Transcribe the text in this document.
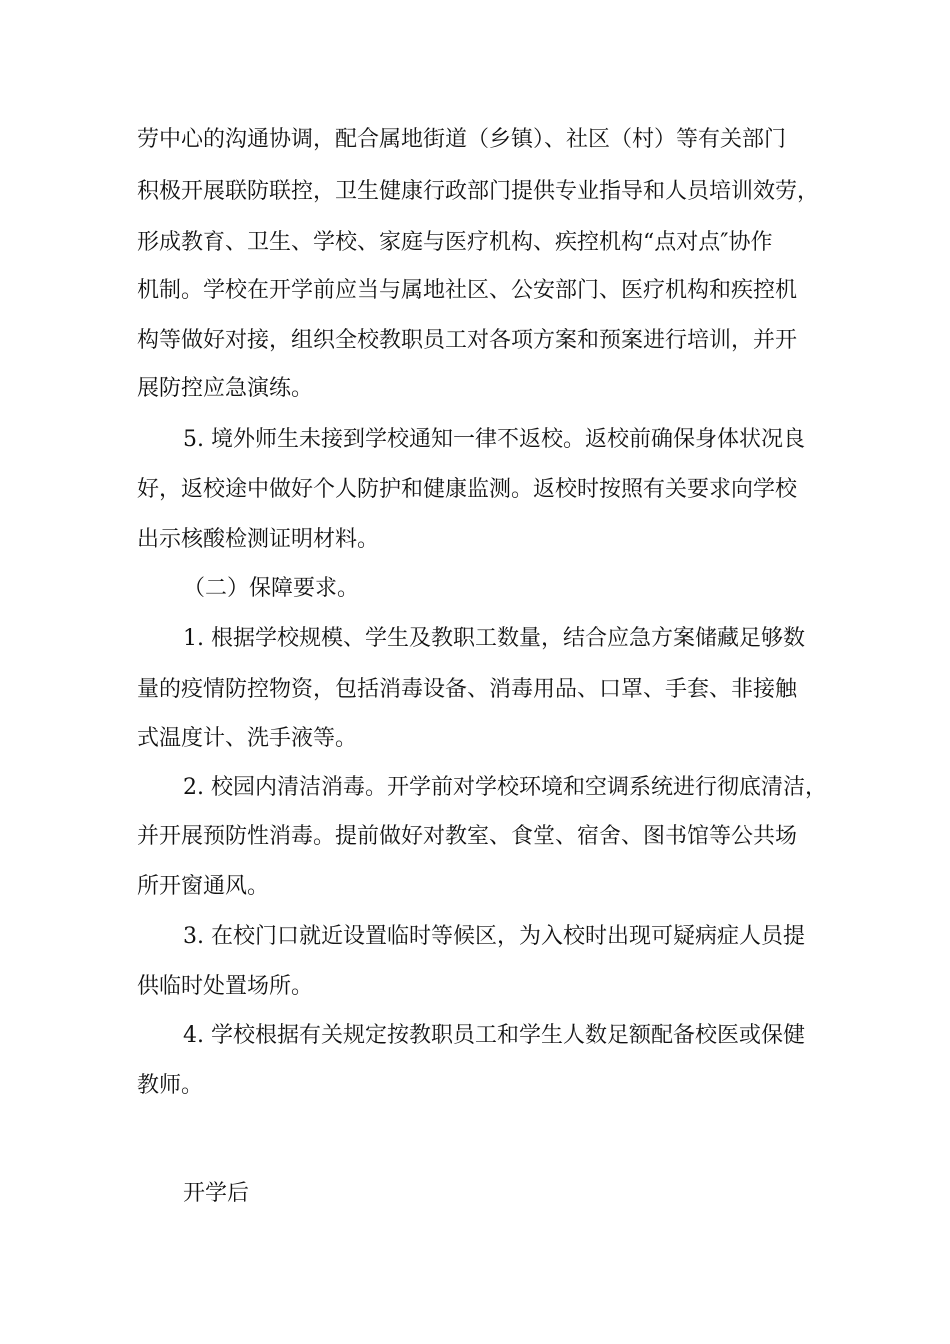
劳中心的沟通协调，配合属地街道（乡镇）、社区（村）等有关部门
积极开展联防联控，卫生健康行政部门提供专业指导和人员培训效劳，
形成教育、卫生、学校、家庭与医疗机构、疾控机构“点对点″协作
机制。学校在开学前应当与属地社区、公安部门、医疗机构和疾控机
构等做好对接，组织全校教职员工对各项方案和预案进行培训，并开
展防控应急演练。
5. 境外师生未接到学校通知一律不返校。返校前确保身体状况良
好，返校途中做好个人防护和健康监测。返校时按照有关要求向学校
出示核酸检测证明材料。
（二）保障要求。
1. 根据学校规模、学生及教职工数量，结合应急方案储藏足够数
量的疫情防控物资，包括消毒设备、消毒用品、口罩、手套、非接触
式温度计、洗手液等。
2. 校园内清洁消毒。开学前对学校环境和空调系统进行彻底清洁，
并开展预防性消毒。提前做好对教室、食堂、宿舍、图书馆等公共场
所开窗通风。
3. 在校门口就近设置临时等候区，为入校时出现可疑病症人员提
供临时处置场所。
4. 学校根据有关规定按教职员工和学生人数足额配备校医或保健
教师。
开学后
